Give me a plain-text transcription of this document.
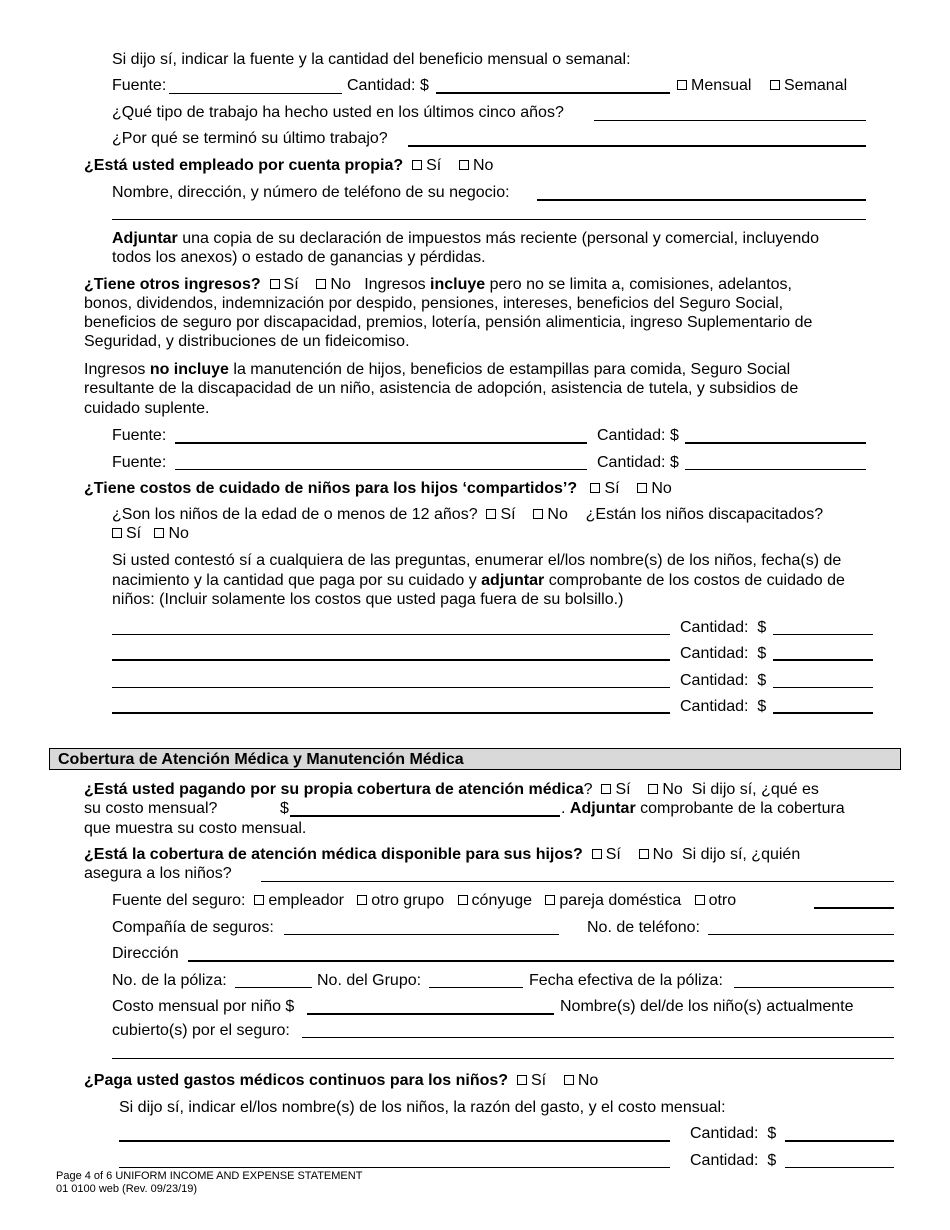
Si dijo sí, indicar la fuente y la cantidad del beneficio mensual o semanal:
Fuente:	Cantidad: $	Mensual	Semanal
¿Qué tipo de trabajo ha hecho usted en los últimos cinco años?
¿Por qué se terminó su último trabajo?
¿Está usted empleado por cuenta propia? Sí No
Nombre, dirección, y número de teléfono de su negocio:
Adjuntar una copia de su declaración de impuestos más reciente (personal y comercial, incluyendo
todos los anexos) o estado de ganancias y pérdidas.
¿Tiene otros ingresos? Sí No Ingresos incluye pero no se limita a, comisiones, adelantos,
bonos, dividendos, indemnización por despido, pensiones, intereses, beneficios del Seguro Social,
beneficios de seguro por discapacidad, premios, lotería, pensión alimenticia, ingreso Suplementario de
Seguridad, y distribuciones de un fideicomiso.
Ingresos no incluye la manutención de hijos, beneficios de estampillas para comida, Seguro Social
resultante de la discapacidad de un niño, asistencia de adopción, asistencia de tutela, y subsidios de
cuidado suplente.
Fuente:	Cantidad: $
Fuente:	Cantidad: $
¿Tiene costos de cuidado de niños para los hijos ‘compartidos’? Sí No
¿Son los niños de la edad de o menos de 12 años? Sí No ¿Están los niños discapacitados?
Sí No
Si usted contestó sí a cualquiera de las preguntas, enumerar el/los nombre(s) de los niños, fecha(s) de
nacimiento y la cantidad que paga por su cuidado y adjuntar comprobante de los costos de cuidado de
niños: (Incluir solamente los costos que usted paga fuera de su bolsillo.)
Cantidad: $
Cantidad: $
Cantidad: $
Cantidad: $
Cobertura de Atención Médica y Manutención Médica
¿Está usted pagando por su propia cobertura de atención médica? Sí No Si dijo sí, ¿qué es
su costo mensual?	$	. Adjuntar comprobante de la cobertura
que muestra su costo mensual.
¿Está la cobertura de atención médica disponible para sus hijos? Sí No Si dijo sí, ¿quién
asegura a los niños?
Fuente del seguro: empleador otro grupo cónyuge pareja doméstica otro
Compañía de seguros:	No. de teléfono:
Dirección
No. de la póliza:	No. del Grupo:	Fecha efectiva de la póliza:
Costo mensual por niño $	Nombre(s) del/de los niño(s) actualmente
cubierto(s) por el seguro:
¿Paga usted gastos médicos continuos para los niños? Sí No
Si dijo sí, indicar el/los nombre(s) de los niños, la razón del gasto, y el costo mensual:
Cantidad: $
Cantidad: $
Page 4 of 6 UNIFORM INCOME AND EXPENSE STATEMENT
01 0100 web (Rev. 09/23/19)
